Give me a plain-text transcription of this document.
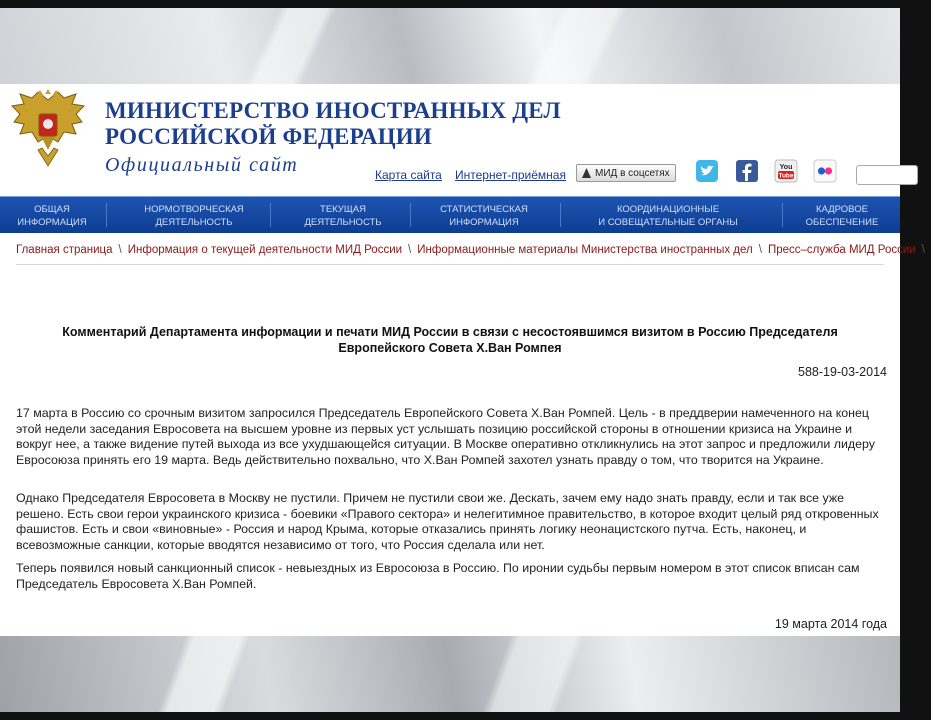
МИНИСТЕРСТВО ИНОСТРАННЫХ ДЕЛ
РОССИЙСКОЙ ФЕДЕРАЦИИ
Официальный сайт	Карта сайта Интернет-приёмная	МИД в соцсетях
You
Tube
ОБЩАЯ
ИНФОРМАЦИЯ
НОРМОТВОРЧЕСКАЯ
ДЕЯТЕЛЬНОСТЬ
ТЕКУЩАЯ
ДЕЯТЕЛЬНОСТЬ
СТАТИСТИЧЕСКАЯ
ИНФОРМАЦИЯ
КООРДИНАЦИОННЫЕ
И СОВЕЩАТЕЛЬНЫЕ ОРГАНЫ
КАДРОВОЕ
ОБЕСПЕЧЕНИЕ
Главная страница \ Информация о текущей деятельности МИД России \ Информационные материалы Министерства иностранных дел \ Пресс–служба МИД России \
Комментарий Департамента информации и печати МИД России в связи с несостоявшимся визитом в Россию Председателя
Европейского Совета Х.Ван Ромпея
588-19-03-2014
17 марта в Россию со срочным визитом запросился Председатель Европейского Совета Х.Ван Ромпей. Цель - в преддверии намеченного на конец этой недели заседания Евросовета на высшем уровне из первых уст услышать позицию российской стороны в отношении кризиса на Украине и вокруг нее, а также видение путей выхода из все ухудшающейся ситуации. В Москве оперативно откликнулись на этот запрос и предложили лидеру Евросоюза принять его 19 марта. Ведь действительно похвально, что Х.Ван Ромпей захотел узнать правду о том, что творится на Украине.
Однако Председателя Евросовета в Москву не пустили. Причем не пустили свои же. Дескать, зачем ему надо знать правду, если и так все уже решено. Есть свои герои украинского кризиса - боевики «Правого сектора» и нелегитимное правительство, в которое входит целый ряд откровенных фашистов. Есть и свои «виновные» - Россия и народ Крыма, которые отказались принять логику неонацистского путча. Есть, наконец, и всевозможные санкции, которые вводятся независимо от того, что Россия сделала или нет.
Теперь появился новый санкционный список - невыездных из Евросоюза в Россию. По иронии судьбы первым номером в этот список вписан сам Председатель Евросовета Х.Ван Ромпей.
19 марта 2014 года
